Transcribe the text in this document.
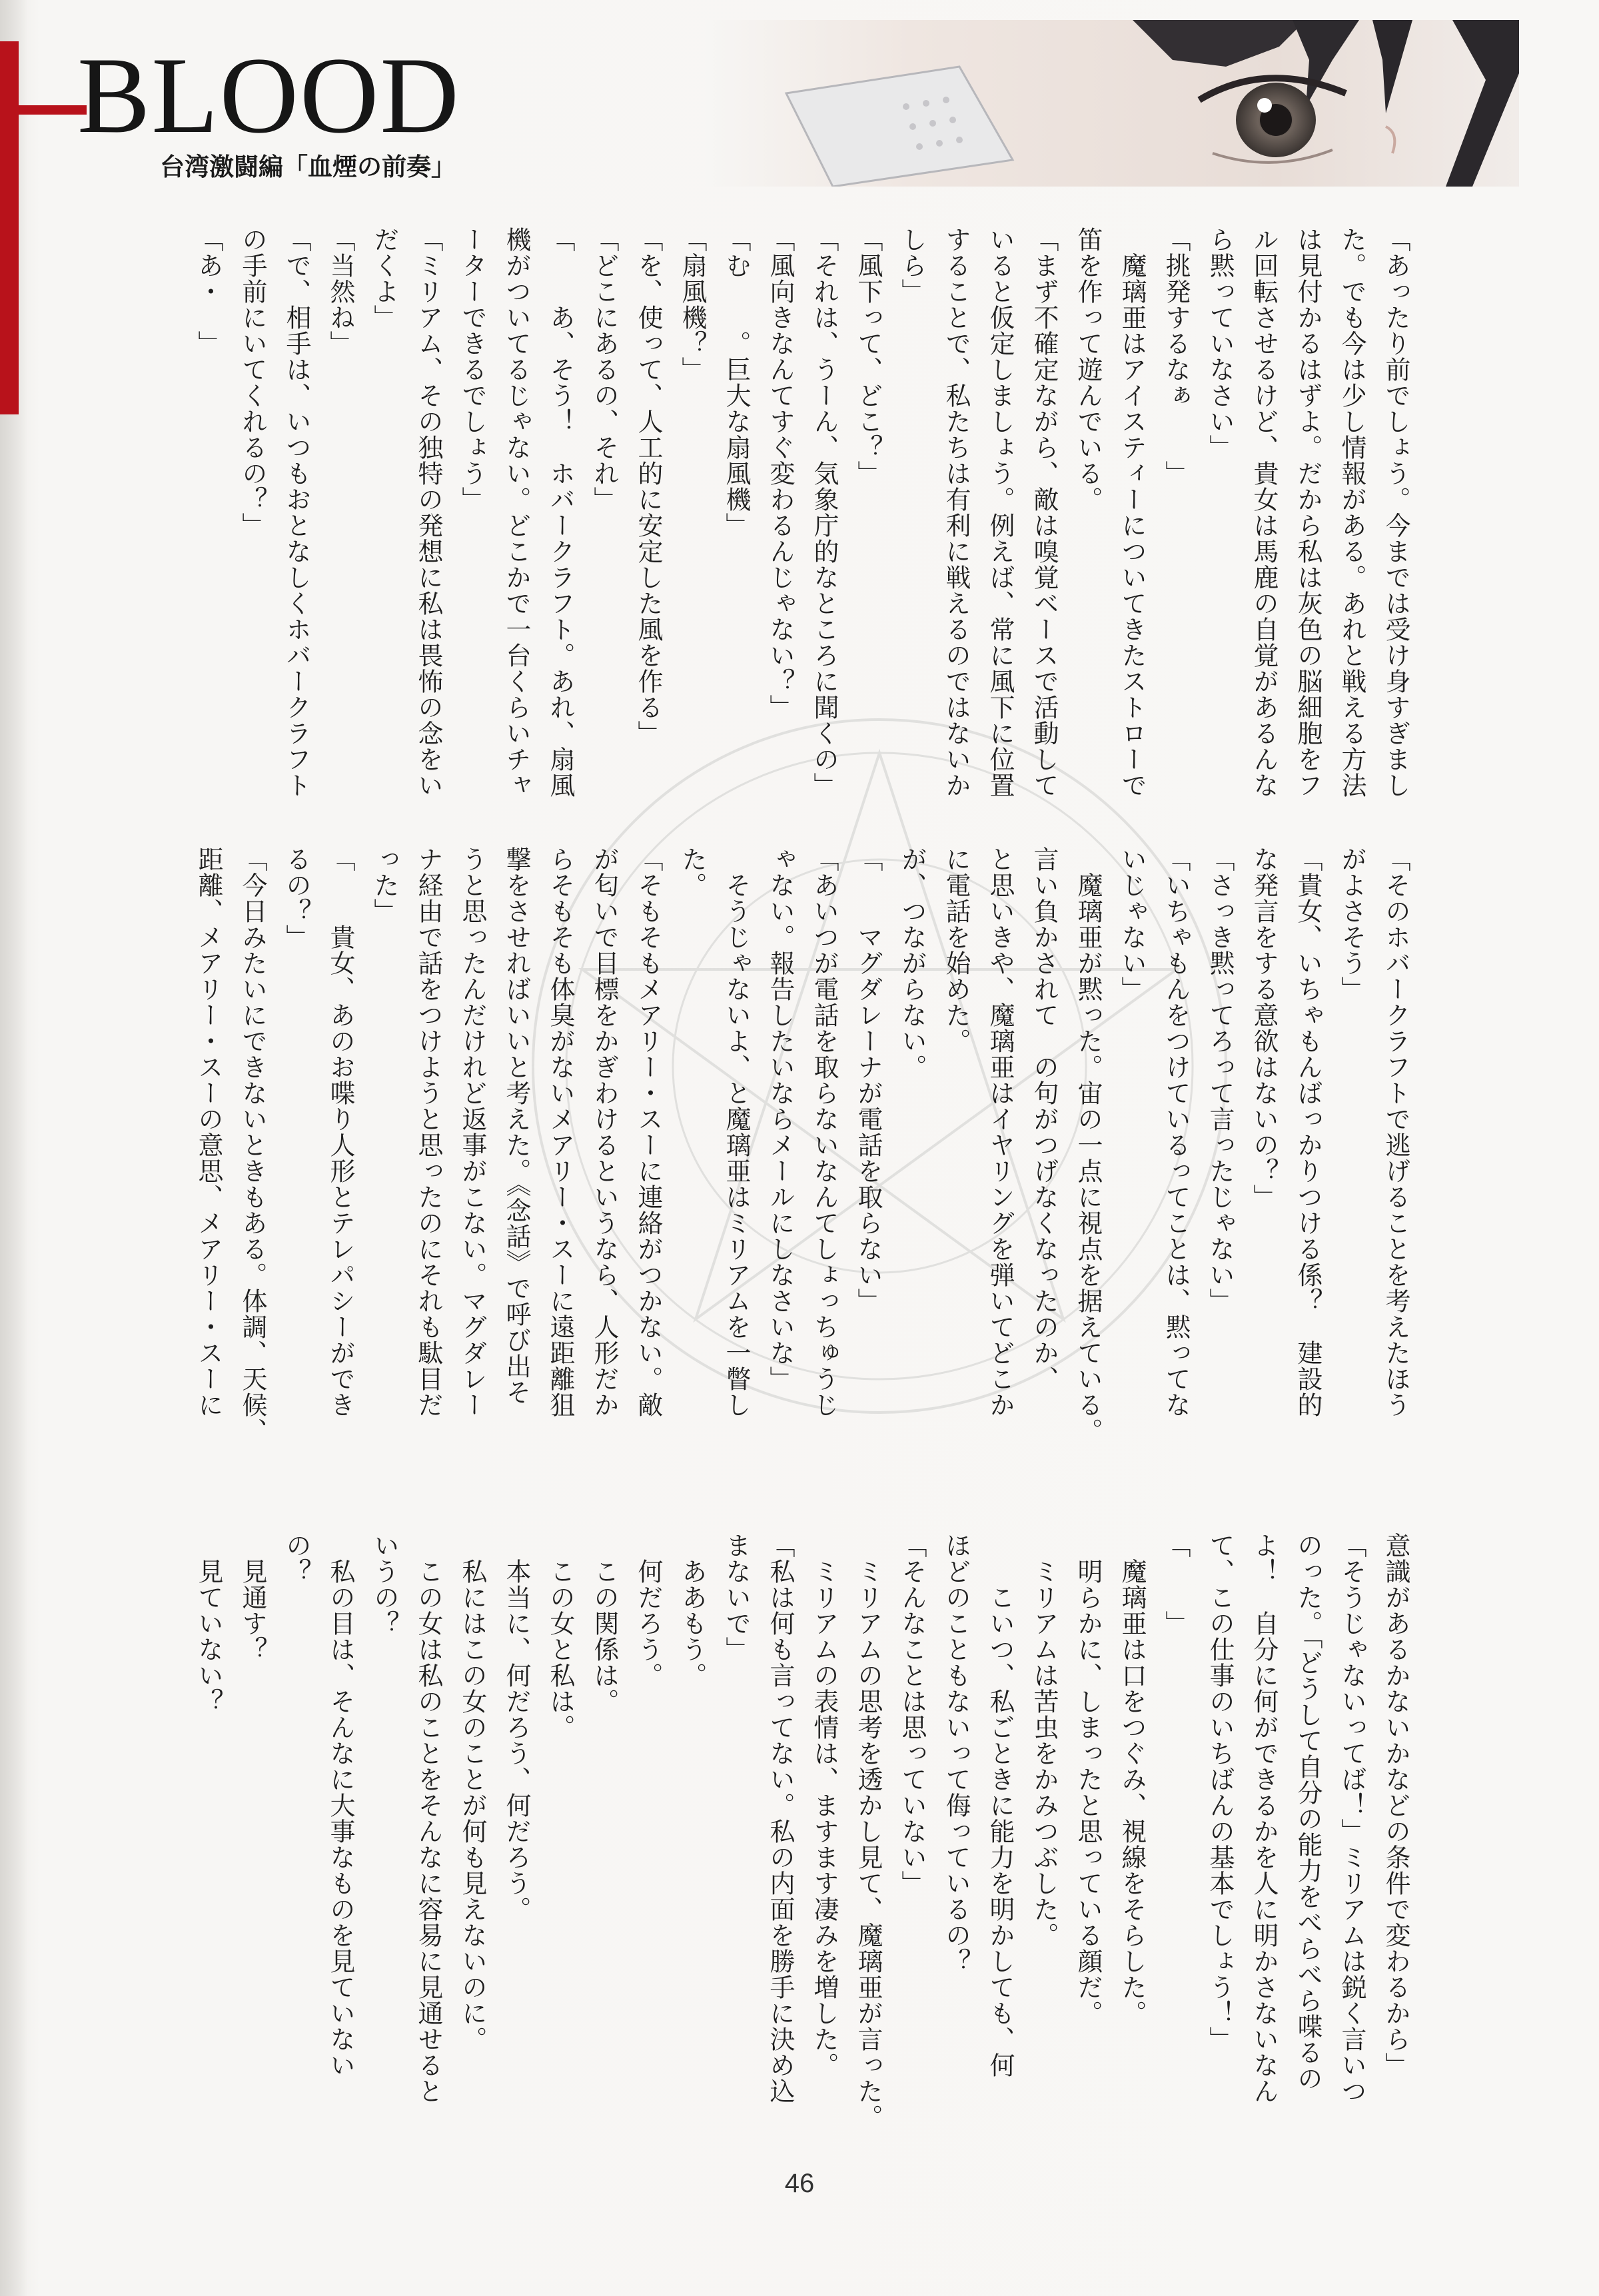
BLOOD
台湾激闘編「血煙の前奏」
「あったり前でしょう。今までは受け身すぎまし
た。でも今は少し情報がある。あれと戦える方法
は見付かるはずよ。だから私は灰色の脳細胞をフ
ル回転させるけど、貴女は馬鹿の自覚があるんな
ら黙っていなさい」
「挑発するなぁ　　」
　魔璃亜はアイスティーについてきたストローで
笛を作って遊んでいる。
「まず不確定ながら、敵は嗅覚ベースで活動して
いると仮定しましょう。例えば、常に風下に位置
することで、私たちは有利に戦えるのではないか
しら」
「風下って、どこ？」
「それは、うーん、気象庁的なところに聞くの」
「風向きなんてすぐ変わるんじゃない？」
「む　　。巨大な扇風機」
「扇風機？」
「を、使って、人工的に安定した風を作る」
「どこにあるの、それ」
「　　あ、そう！　ホバークラフト。あれ、扇風
機がついてるじゃない。どこかで一台くらいチャ
ーターできるでしょう」
「ミリアム、その独特の発想に私は畏怖の念をい
だくよ」
「当然ね」
「で、相手は、いつもおとなしくホバークラフト
の手前にいてくれるの？」
「あ・　」
「そのホバークラフトで逃げることを考えたほう
がよさそう」
「貴女、いちゃもんばっかりつける係？　建設的
な発言をする意欲はないの？」
「さっき黙ってろって言ったじゃない」
「いちゃもんをつけているってことは、黙ってな
いじゃない」
　魔璃亜が黙った。宙の一点に視点を据えている。
言い負かされて　の句がつげなくなったのか、
と思いきや、魔璃亜はイヤリングを弾いてどこか
に電話を始めた。
が、つながらない。
「　　マグダレーナが電話を取らない」
「あいつが電話を取らないなんてしょっちゅうじ
ゃない。報告したいならメールにしなさいな」
　そうじゃないよ、と魔璃亜はミリアムを一瞥し
た。
「そもそもメアリー・スーに連絡がつかない。敵
が匂いで目標をかぎわけるというなら、人形だか
らそもそも体臭がないメアリー・スーに遠距離狙
撃をさせればいいと考えた。《念話》で呼び出そ
うと思ったんだけれど返事がこない。マグダレー
ナ経由で話をつけようと思ったのにそれも駄目だ
った」
「　　貴女、あのお喋り人形とテレパシーができ
るの？」
「今日みたいにできないときもある。体調、天候、
距離、メアリー・スーの意思、メアリー・スーに
意識があるかないかなどの条件で変わるから」
「そうじゃないってば！」ミリアムは鋭く言いつ
のった。「どうして自分の能力をべらべら喋るの
よ！　自分に何ができるかを人に明かさないなん
て、この仕事のいちばんの基本でしょう！」
「　　」
　魔璃亜は口をつぐみ、視線をそらした。
　明らかに、しまったと思っている顔だ。
　ミリアムは苦虫をかみつぶした。
　　こいつ、私ごときに能力を明かしても、何
ほどのこともないって侮っているの？
「そんなことは思っていない」
　ミリアムの思考を透かし見て、魔璃亜が言った。
　ミリアムの表情は、ますます凄みを増した。
「私は何も言ってない。私の内面を勝手に決め込
まないで」
　ああもう。
　何だろう。
　この関係は。
　この女と私は。
　本当に、何だろう、何だろう。
　私にはこの女のことが何も見えないのに。
　この女は私のことをそんなに容易に見通せると
いうの？
　私の目は、そんなに大事なものを見ていない
の？
　見通す？
　見ていない？
46
